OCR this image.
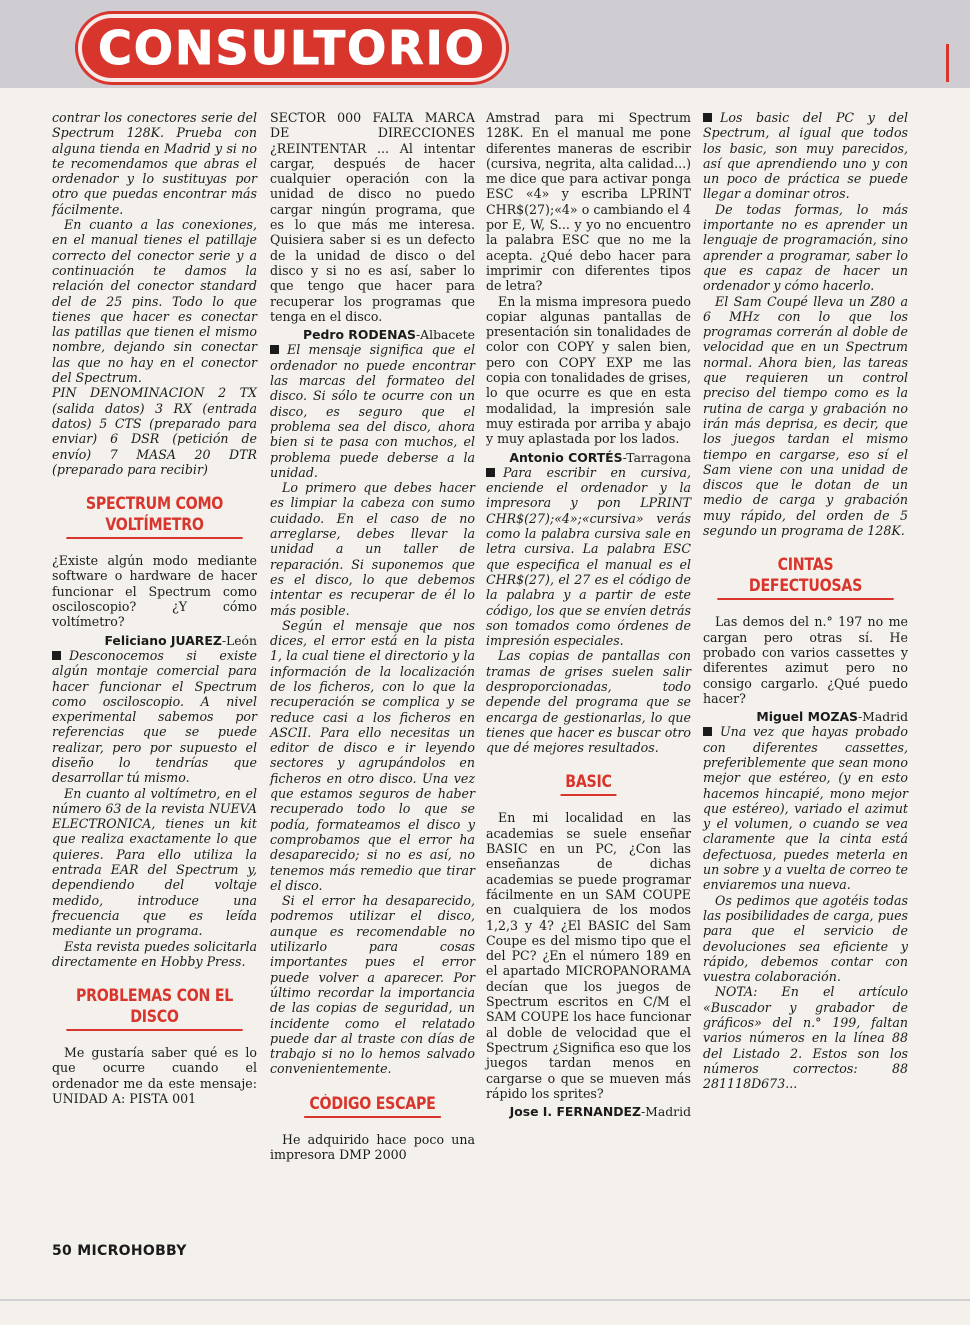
CONSULTORIO

contrar los conectores serie del Spectrum 128K. Prueba con alguna tienda en Madrid y si no te recomendamos que abras el ordenador y lo sustituyas por otro que puedas encontrar más fácilmente.

En cuanto a las conexiones, en el manual tienes el patillaje correcto del conector serie y a continuación te damos la relación del conector standard del de 25 pins. Todo lo que tienes que hacer es conectar las patillas que tienen el mismo nombre, dejando sin conectar las que no hay en el conector del Spectrum.

PIN DENOMINACION 2 TX (salida datos) 3 RX (entrada datos) 5 CTS (preparado para enviar) 6 DSR (petición de envío) 7 MASA 20 DTR (preparado para recibir)

SPECTRUM COMO VOLTÍMETRO

¿Existe algún modo mediante software o hardware de hacer funcionar el Spectrum como osciloscopio? ¿Y cómo voltímetro?

Feliciano JUAREZ-León

Desconocemos si existe algún montaje comercial para hacer funcionar el Spectrum como osciloscopio. A nivel experimental sabemos por referencias que se puede realizar, pero por supuesto el diseño lo tendrías que desarrollar tú mismo.

En cuanto al voltímetro, en el número 63 de la revista NUEVA ELECTRONICA, tienes un kit que realiza exactamente lo que quieres. Para ello utiliza la entrada EAR del Spectrum y, dependiendo del voltaje medido, introduce una frecuencia que es leída mediante un programa.

Esta revista puedes solicitarla directamente en Hobby Press.

PROBLEMAS CON EL DISCO

Me gustaría saber qué es lo que ocurre cuando el ordenador me da este mensaje: UNIDAD A: PISTA 001

SECTOR 000 FALTA MARCA DE DIRECCIONES ¿REINTENTAR ... Al intentar cargar, después de hacer cualquier operación con la unidad de disco no puedo cargar ningún programa, que es lo que más me interesa. Quisiera saber si es un defecto de la unidad de disco o del disco y si no es así, saber lo que tengo que hacer para recuperar los programas que tenga en el disco.

Pedro RODENAS-Albacete

El mensaje significa que el ordenador no puede encontrar las marcas del formateo del disco. Si sólo te ocurre con un disco, es seguro que el problema sea del disco, ahora bien si te pasa con muchos, el problema puede deberse a la unidad.

Lo primero que debes hacer es limpiar la cabeza con sumo cuidado. En el caso de no arreglarse, debes llevar la unidad a un taller de reparación. Si suponemos que es el disco, lo que debemos intentar es recuperar de él lo más posible.

Según el mensaje que nos dices, el error está en la pista 1, la cual tiene el directorio y la información de la localización de los ficheros, con lo que la recuperación se complica y se reduce casi a los ficheros en ASCII. Para ello necesitas un editor de disco e ir leyendo sectores y agrupándolos en ficheros en otro disco. Una vez que estamos seguros de haber recuperado todo lo que se podía, formateamos el disco y comprobamos que el error ha desaparecido; si no es así, no tenemos más remedio que tirar el disco.

Si el error ha desaparecido, podremos utilizar el disco, aunque es recomendable no utilizarlo para cosas importantes pues el error puede volver a aparecer. Por último recordar la importancia de las copias de seguridad, un incidente como el relatado puede dar al traste con días de trabajo si no lo hemos salvado convenientemente.

CÓDIGO ESCAPE

He adquirido hace poco una impresora DMP 2000

Amstrad para mi Spectrum 128K. En el manual me pone diferentes maneras de escribir (cursiva, negrita, alta calidad...) me dice que para activar ponga ESC «4» y escriba LPRINT CHR$(27);«4» o cambiando el 4 por E, W, S... y yo no encuentro la palabra ESC que no me la acepta. ¿Qué debo hacer para imprimir con diferentes tipos de letra?

En la misma impresora puedo copiar algunas pantallas de presentación sin tonalidades de color con COPY y salen bien, pero con COPY EXP me las copia con tonalidades de grises, lo que ocurre es que en esta modalidad, la impresión sale muy estirada por arriba y abajo y muy aplastada por los lados.

Antonio CORTÉS-Tarragona

Para escribir en cursiva, enciende el ordenador y la impresora y pon LPRINT CHR$(27);«4»;«cursiva» verás como la palabra cursiva sale en letra cursiva. La palabra ESC que especifica el manual es el CHR$(27), el 27 es el código de la palabra y a partir de este código, los que se envíen detrás son tomados como órdenes de impresión especiales.

Las copias de pantallas con tramas de grises suelen salir desproporcionadas, todo depende del programa que se encarga de gestionarlas, lo que tienes que hacer es buscar otro que dé mejores resultados.

BASIC

En mi localidad en las academias se suele enseñar BASIC en un PC, ¿Con las enseñanzas de dichas academias se puede programar fácilmente en un SAM COUPE en cualquiera de los modos 1,2,3 y 4? ¿El BASIC del Sam Coupe es del mismo tipo que el del PC? ¿En el número 189 en el apartado MICROPANORAMA decían que los juegos de Spectrum escritos en C/M el SAM COUPE los hace funcionar al doble de velocidad que el Spectrum ¿Significa eso que los juegos tardan menos en cargarse o que se mueven más rápido los sprites?

Jose I. FERNANDEZ-Madrid

Los basic del PC y del Spectrum, al igual que todos los basic, son muy parecidos, así que aprendiendo uno y con un poco de práctica se puede llegar a dominar otros.

De todas formas, lo más importante no es aprender un lenguaje de programación, sino aprender a programar, saber lo que es capaz de hacer un ordenador y cómo hacerlo.

El Sam Coupé lleva un Z80 a 6 MHz con lo que los programas correrán al doble de velocidad que en un Spectrum normal. Ahora bien, las tareas que requieren un control preciso del tiempo como es la rutina de carga y grabación no irán más deprisa, es decir, que los juegos tardan el mismo tiempo en cargarse, eso sí el Sam viene con una unidad de discos que le dotan de un medio de carga y grabación muy rápido, del orden de 5 segundo un programa de 128K.

CINTAS DEFECTUOSAS

Las demos del n.° 197 no me cargan pero otras sí. He probado con varios cassettes y diferentes azimut pero no consigo cargarlo. ¿Qué puedo hacer?

Miguel MOZAS-Madrid

Una vez que hayas probado con diferentes cassettes, preferiblemente que sean mono mejor que estéreo, (y en esto hacemos hincapié, mono mejor que estéreo), variado el azimut y el volumen, o cuando se vea claramente que la cinta está defectuosa, puedes meterla en un sobre y a vuelta de correo te enviaremos una nueva.

Os pedimos que agotéis todas las posibilidades de carga, pues para que el servicio de devoluciones sea eficiente y rápido, debemos contar con vuestra colaboración.

NOTA: En el artículo «Buscador y grabador de gráficos» del n.° 199, faltan varios números en la línea 88 del Listado 2. Estos son los números correctos: 88 281118D673...

50 MICROHOBBY
